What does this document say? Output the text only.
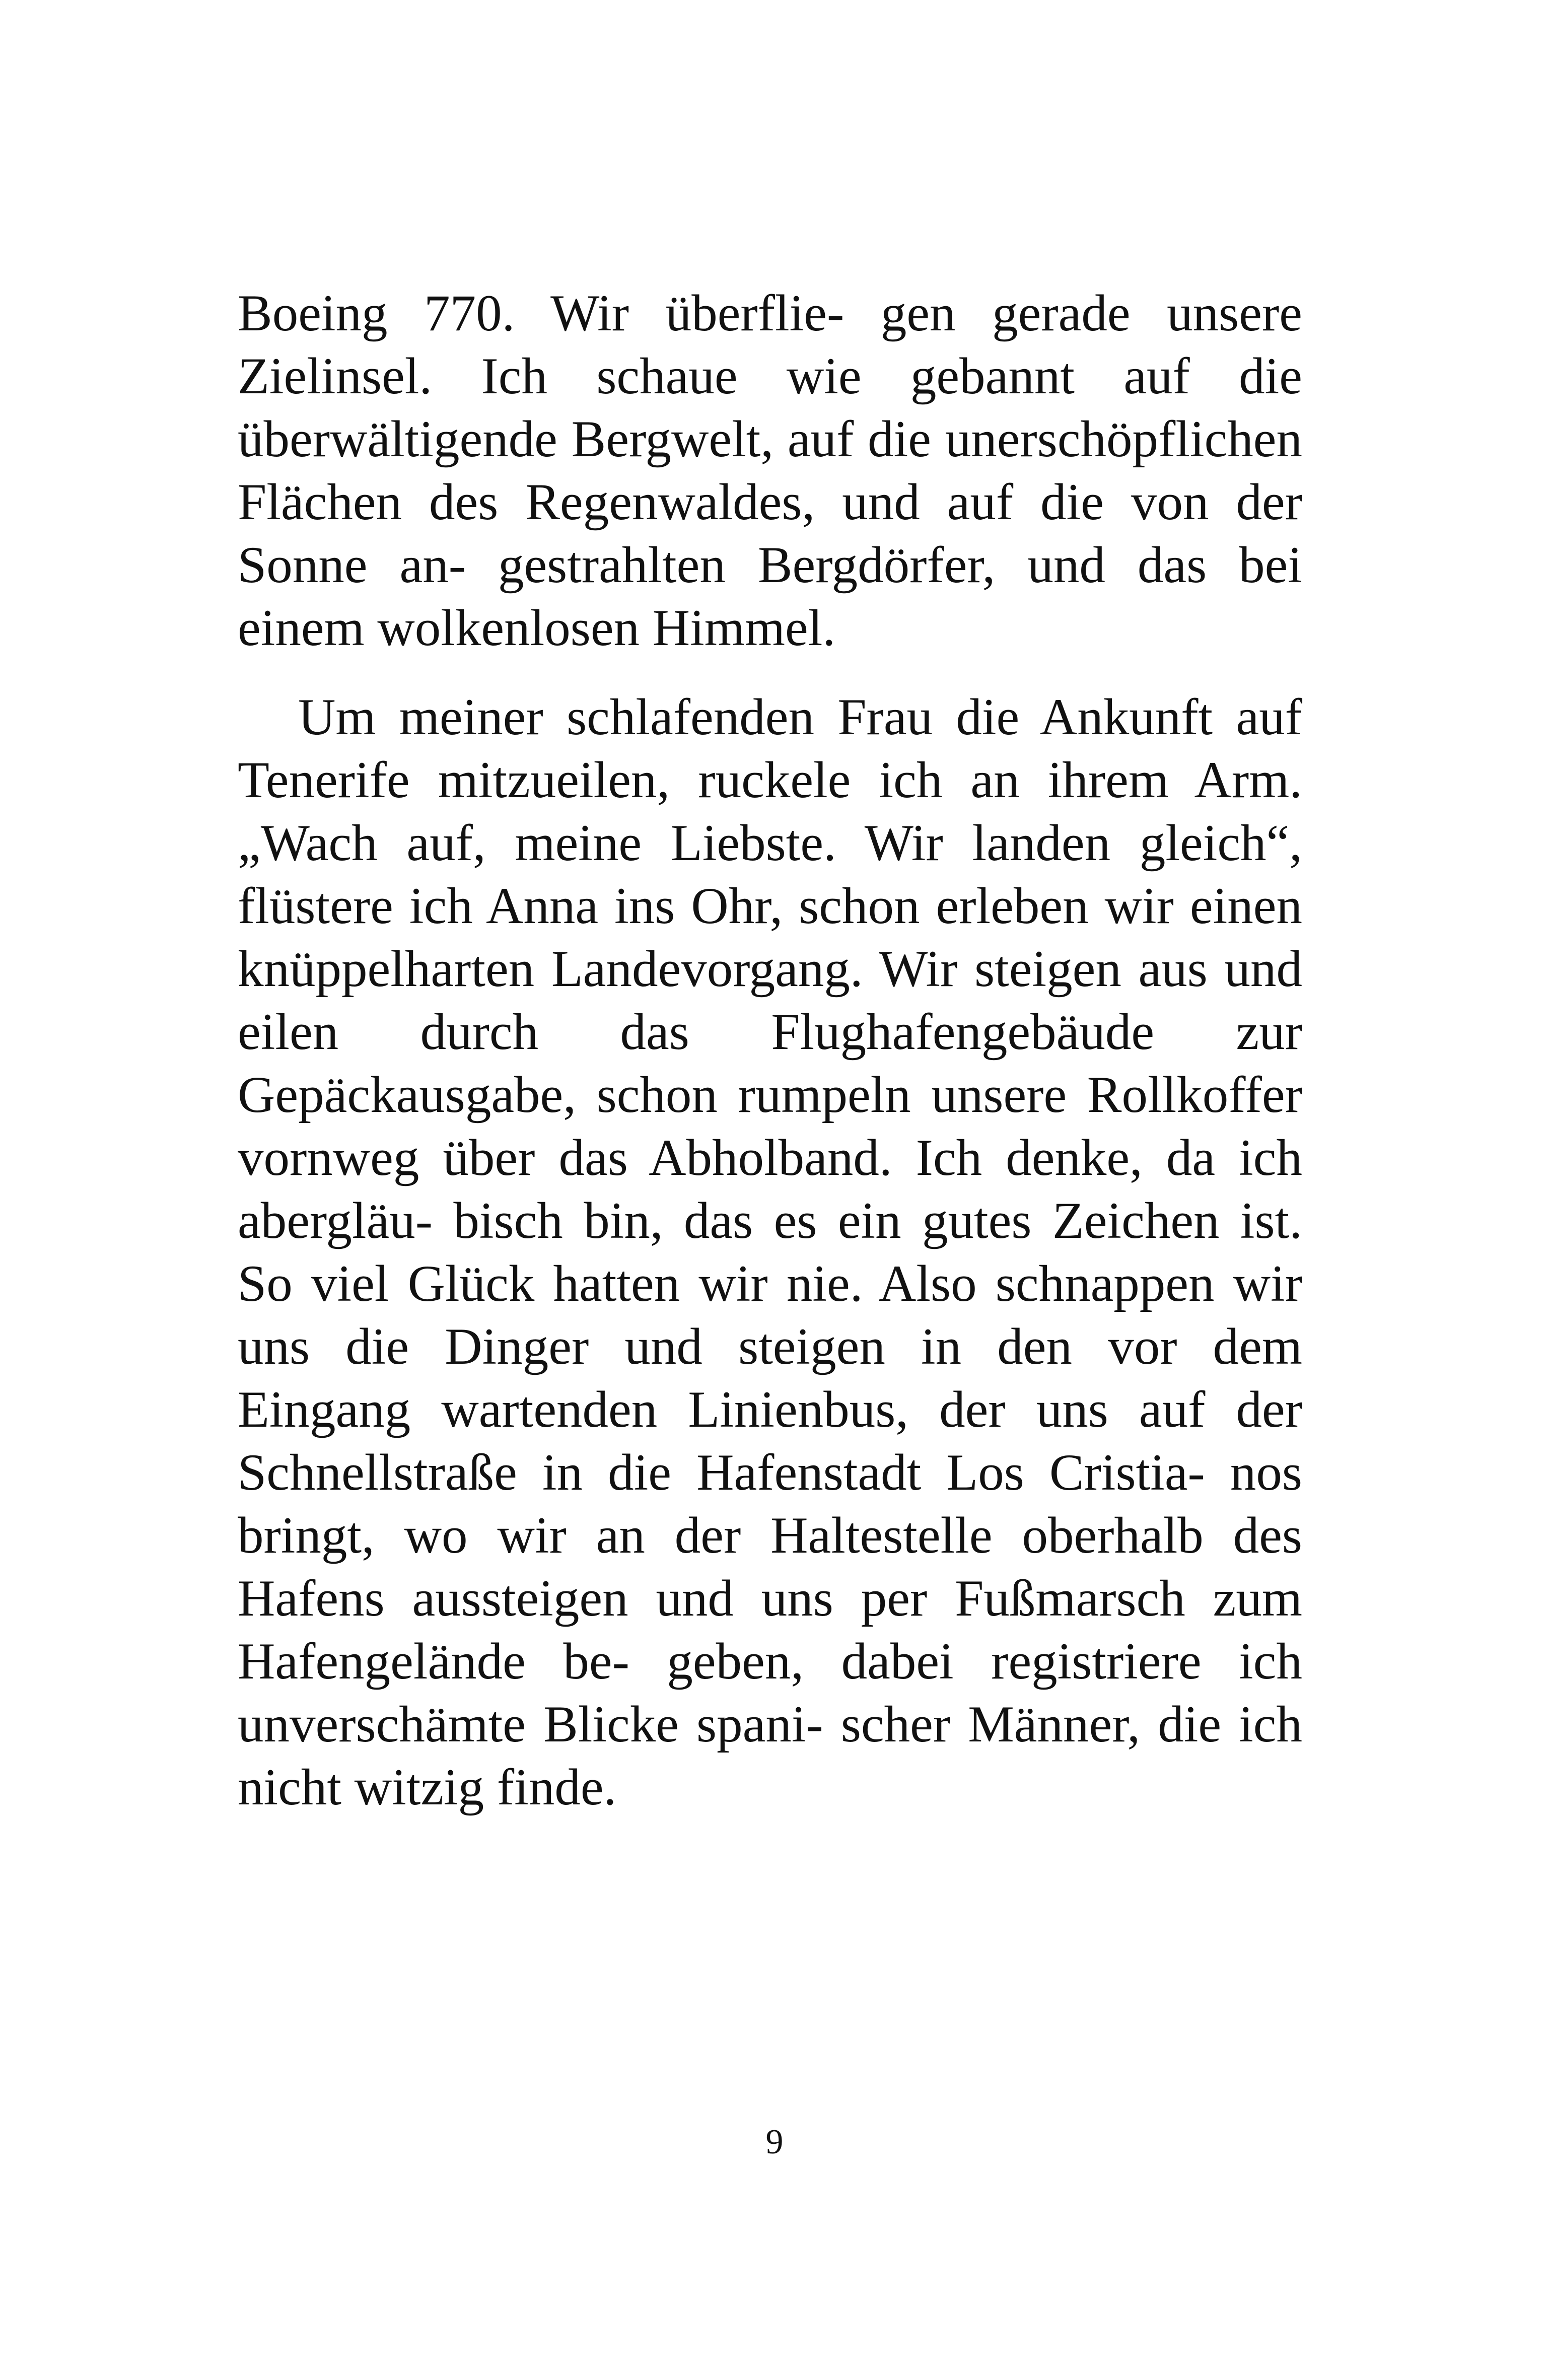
Boeing 770. Wir überflie- gen gerade unsere Zielinsel. Ich schaue wie gebannt auf die überwältigende Bergwelt, auf die unerschöpflichen Flächen des Regenwaldes, und auf die von der Sonne an- gestrahlten Bergdörfer, und das bei einem wolkenlosen Himmel.

Um meiner schlafenden Frau die Ankunft auf Tenerife mitzueilen, ruckele ich an ihrem Arm. „Wach auf, meine Liebste. Wir landen gleich“, flüstere ich Anna ins Ohr, schon erleben wir einen knüppelharten Landevorgang. Wir steigen aus und eilen durch das Flughafengebäude zur Gepäckausgabe, schon rumpeln unsere Rollkoffer vornweg über das Abholband. Ich denke, da ich abergläu- bisch bin, das es ein gutes Zeichen ist. So viel Glück hatten wir nie. Also schnappen wir uns die Dinger und steigen in den vor dem Eingang wartenden Linienbus, der uns auf der Schnellstraße in die Hafenstadt Los Cristia- nos bringt, wo wir an der Haltestelle oberhalb des Hafens aussteigen und uns per Fußmarsch zum Hafengelände be- geben, dabei registriere ich unverschämte Blicke spani- scher Männer, die ich nicht witzig finde.

9
